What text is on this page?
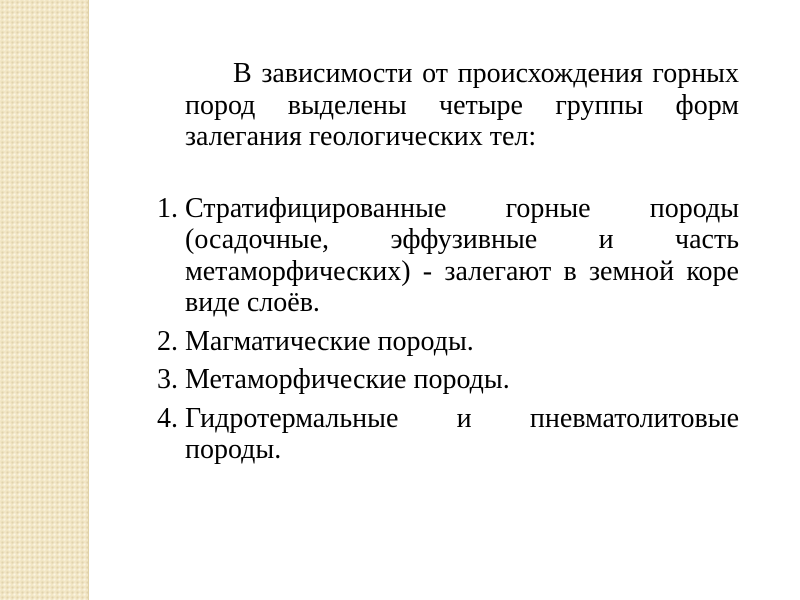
В зависимости от происхождения горных пород выделены четыре группы форм залегания геологических тел:

1. Стратифицированные горные породы (осадочные, эффузивные и часть метаморфических) - залегают в земной коре виде слоёв.
2. Магматические породы.
3. Метаморфические породы.
4. Гидротермальные и пневматолитовые породы.
